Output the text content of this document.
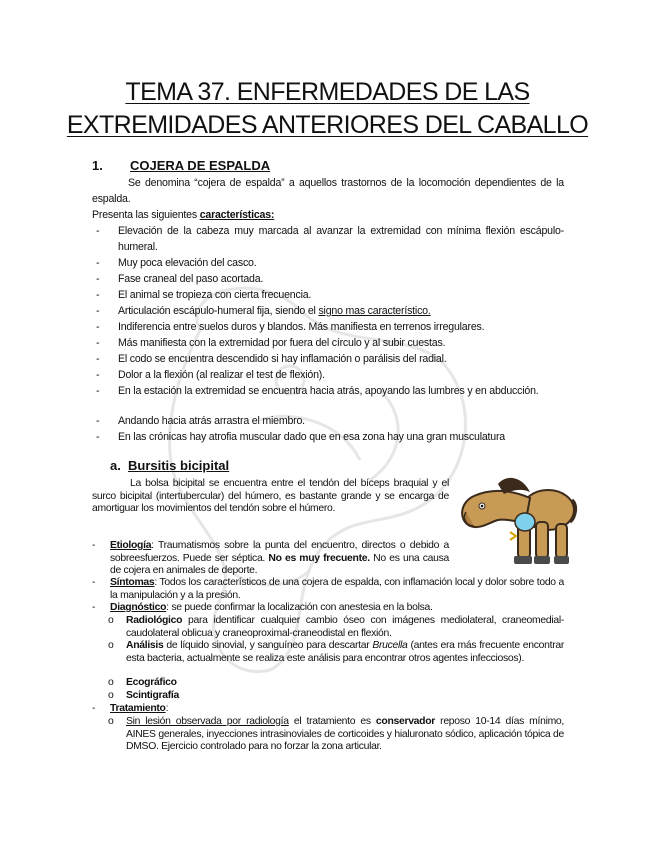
TEMA 37. ENFERMEDADES DE LAS
EXTREMIDADES ANTERIORES DEL CABALLO
1. COJERA DE ESPALDA
Se denomina “cojera de espalda” a aquellos trastornos de la locomoción dependientes de la espalda.
Presenta las siguientes características:
- Elevación de la cabeza muy marcada al avanzar la extremidad con mínima flexión escápulo-humeral.
- Muy poca elevación del casco.
- Fase craneal del paso acortada.
- El animal se tropieza con cierta frecuencia.
- Articulación escápulo-humeral fija, siendo el signo mas característico.
- Indiferencia entre suelos duros y blandos. Más manifiesta en terrenos irregulares.
- Más manifiesta con la extremidad por fuera del círculo y al subir cuestas.
- El codo se encuentra descendido si hay inflamación o parálisis del radial.
- Dolor a la flexión (al realizar el test de flexión).
- En la estación la extremidad se encuentra hacia atrás, apoyando las lumbres y en abducción.
- Andando hacia atrás arrastra el miembro.
- En las crónicas hay atrofia muscular dado que en esa zona hay una gran musculatura
a. Bursitis bicipital
La bolsa bicipital se encuentra entre el tendón del bíceps braquial y el surco bicipital (intertubercular) del húmero, es bastante grande y se encarga de amortiguar los movimientos del tendón sobre el húmero.
- Etiología: Traumatismos sobre la punta del encuentro, directos o debido a sobreesfuerzos. Puede ser séptica. No es muy frecuente. No es una causa de cojera en animales de deporte.
- Síntomas: Todos los característicos de una cojera de espalda, con inflamación local y dolor sobre todo a la manipulación y a la presión.
- Diagnóstico: se puede confirmar la localización con anestesia en la bolsa.
o Radiológico para identificar cualquier cambio óseo con imágenes mediolateral, craneomedial-caudolateral oblicua y craneoproximal-craneodistal en flexión.
o Análisis de líquido sinovial, y sanguíneo para descartar Brucella (antes era más frecuente encontrar esta bacteria, actualmente se realiza este análisis para encontrar otros agentes infecciosos).
o Ecográfico
o Scintigrafía
- Tratamiento:
o Sin lesión observada por radiología el tratamiento es conservador reposo 10-14 días mínimo, AINES generales, inyecciones intrasinoviales de corticoides y hialuronato sódico, aplicación tópica de DMSO. Ejercicio controlado para no forzar la zona articular.
